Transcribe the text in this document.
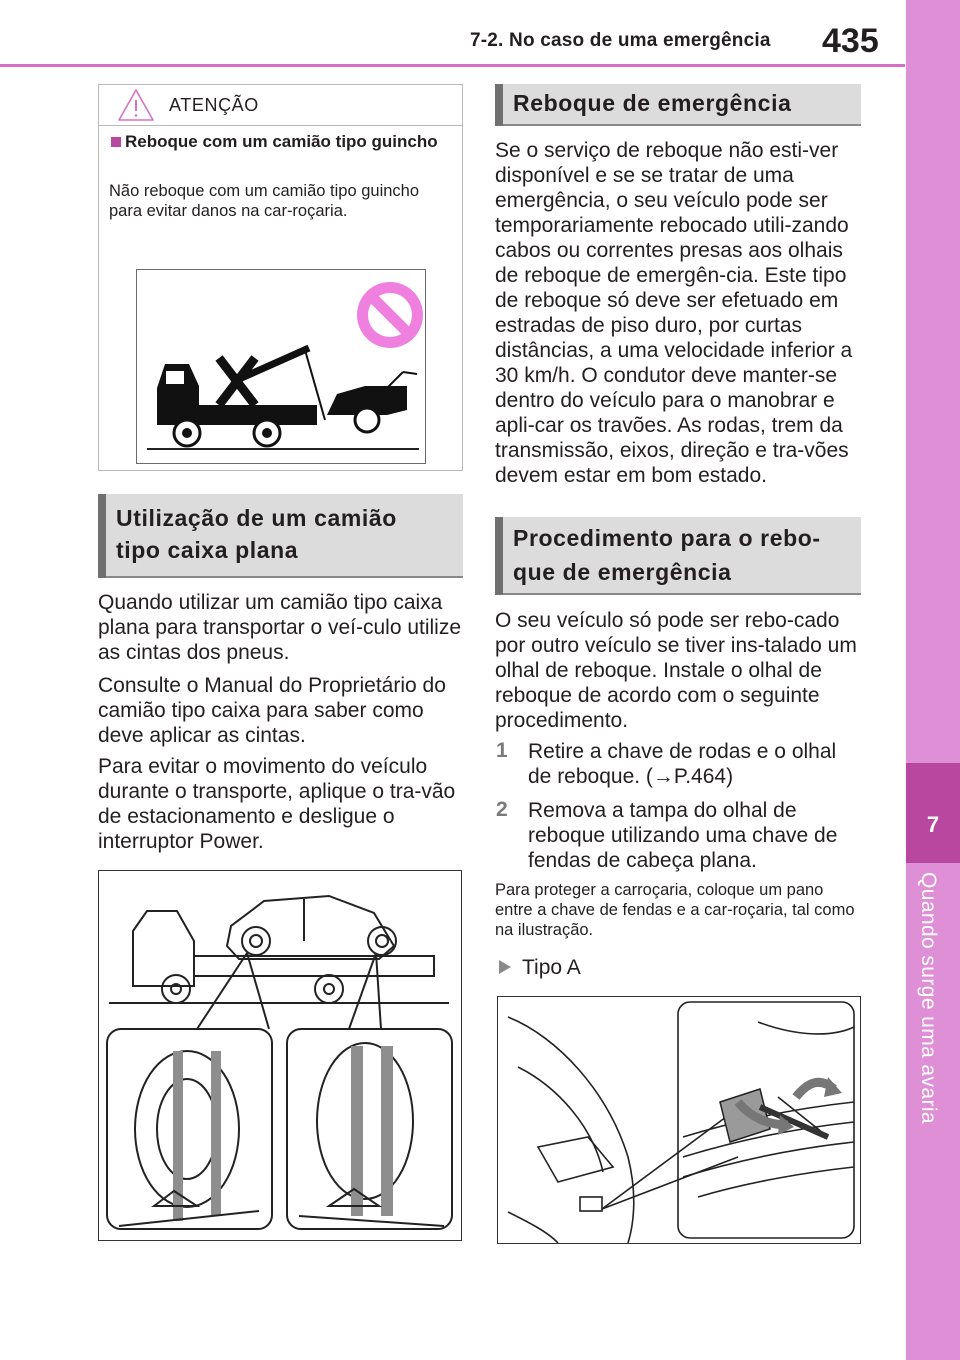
7-2. No caso de uma emergência 435
7
Quando surge uma avaria
ATENÇÃO
Reboque com um camião tipo guincho
Não reboque com um camião tipo guincho para evitar danos na car-roçaria.
Utilização de um camião
tipo caixa plana
Quando utilizar um camião tipo caixa plana para transportar o veí-culo utilize as cintas dos pneus.
Consulte o Manual do Proprietário do camião tipo caixa para saber como deve aplicar as cintas.
Para evitar o movimento do veículo durante o transporte, aplique o tra-vão de estacionamento e desligue o interruptor Power.
Reboque de emergência
Se o serviço de reboque não esti-ver disponível e se se tratar de uma emergência, o seu veículo pode ser temporariamente rebocado utili-zando cabos ou correntes presas aos olhais de reboque de emergên-cia. Este tipo de reboque só deve ser efetuado em estradas de piso duro, por curtas distâncias, a uma velocidade inferior a 30 km/h. O condutor deve manter-se dentro do veículo para o manobrar e apli-car os travões. As rodas, trem da transmissão, eixos, direção e tra-vões devem estar em bom estado.
Procedimento para o rebo-
que de emergência
O seu veículo só pode ser rebo-cado por outro veículo se tiver ins-talado um olhal de reboque. Instale o olhal de reboque de acordo com o seguinte procedimento.
1 Retire a chave de rodas e o olhal de reboque. (→P.464)
2 Remova a tampa do olhal de reboque utilizando uma chave de fendas de cabeça plana.
Para proteger a carroçaria, coloque um pano entre a chave de fendas e a car-roçaria, tal como na ilustração.
Tipo A
